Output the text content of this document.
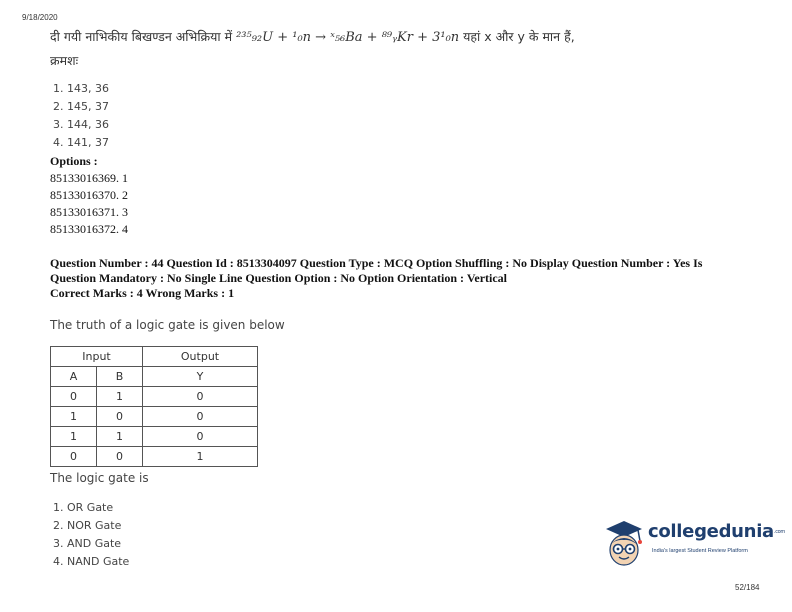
9/18/2020
दी गयी नाभिकीय बिखण्डन अभिक्रिया में ²³⁵₉₂U + ¹₀n → ˣ₅₆Ba + ⁸⁹ᵧKr + 3¹₀n यहां x और y के मान हैं,
क्रमशः
1. 143, 36
2. 145, 37
3. 144, 36
4. 141, 37
Options :
85133016369. 1
85133016370. 2
85133016371. 3
85133016372. 4
Question Number : 44 Question Id : 8513304097 Question Type : MCQ Option Shuffling : No Display Question Number : Yes Is
Question Mandatory : No Single Line Question Option : No Option Orientation : Vertical
Correct Marks : 4 Wrong Marks : 1
The truth of a logic gate is given below
Input		Output
A	B	Y
0	1	0
1	0	0
1	1	0
0	0	1
The logic gate is
1. OR Gate
2. NOR Gate
3. AND Gate
4. NAND Gate
collegedunia.com
India's largest Student Review Platform
52/184
